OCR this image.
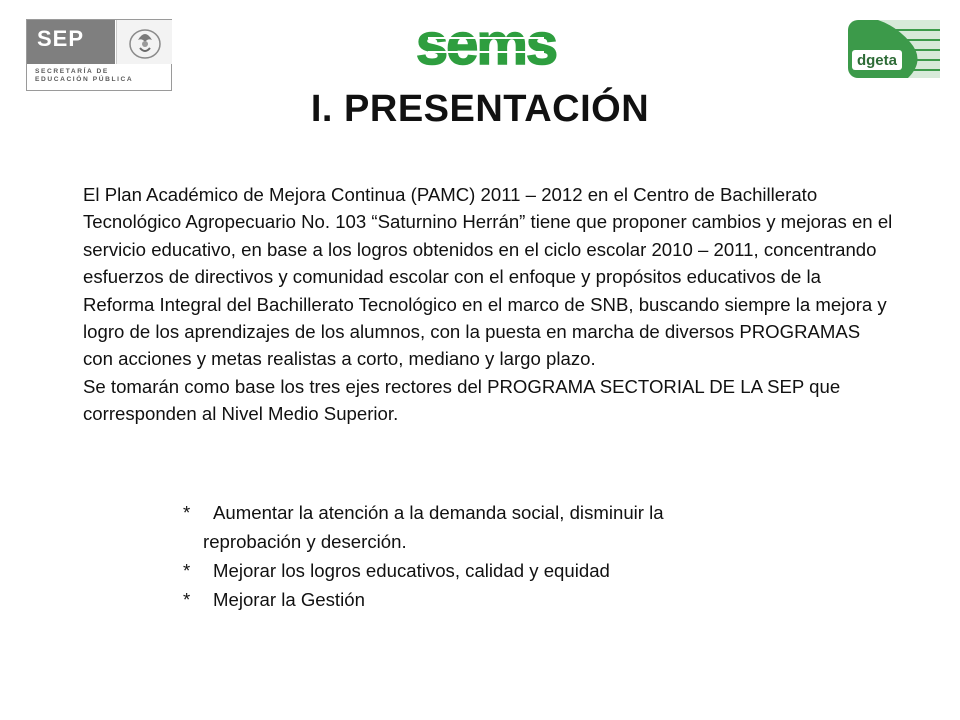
SEP
SECRETARÍA DE
EDUCACIÓN PÚBLICA
sems	dgeta
I. PRESENTACIÓN

El Plan Académico de Mejora Continua (PAMC) 2011 – 2012 en el Centro de Bachillerato Tecnológico Agropecuario No. 103 “Saturnino Herrán” tiene que proponer cambios y mejoras en el servicio educativo, en base a los logros obtenidos en el ciclo escolar 2010 – 2011, concentrando esfuerzos de directivos y comunidad escolar con el enfoque y propósitos educativos de la Reforma Integral del Bachillerato Tecnológico en el marco de SNB, buscando siempre la mejora y logro de los aprendizajes de los alumnos, con la puesta en marcha de diversos PROGRAMAS con acciones y metas realistas a corto, mediano y largo plazo.

Se tomarán como base los tres ejes rectores del PROGRAMA SECTORIAL DE LA SEP que corresponden al Nivel Medio Superior.

*	Aumentar la atención a la demanda social, disminuir la
reprobación y deserción.
*	Mejorar los logros educativos, calidad y equidad
*	Mejorar la Gestión
